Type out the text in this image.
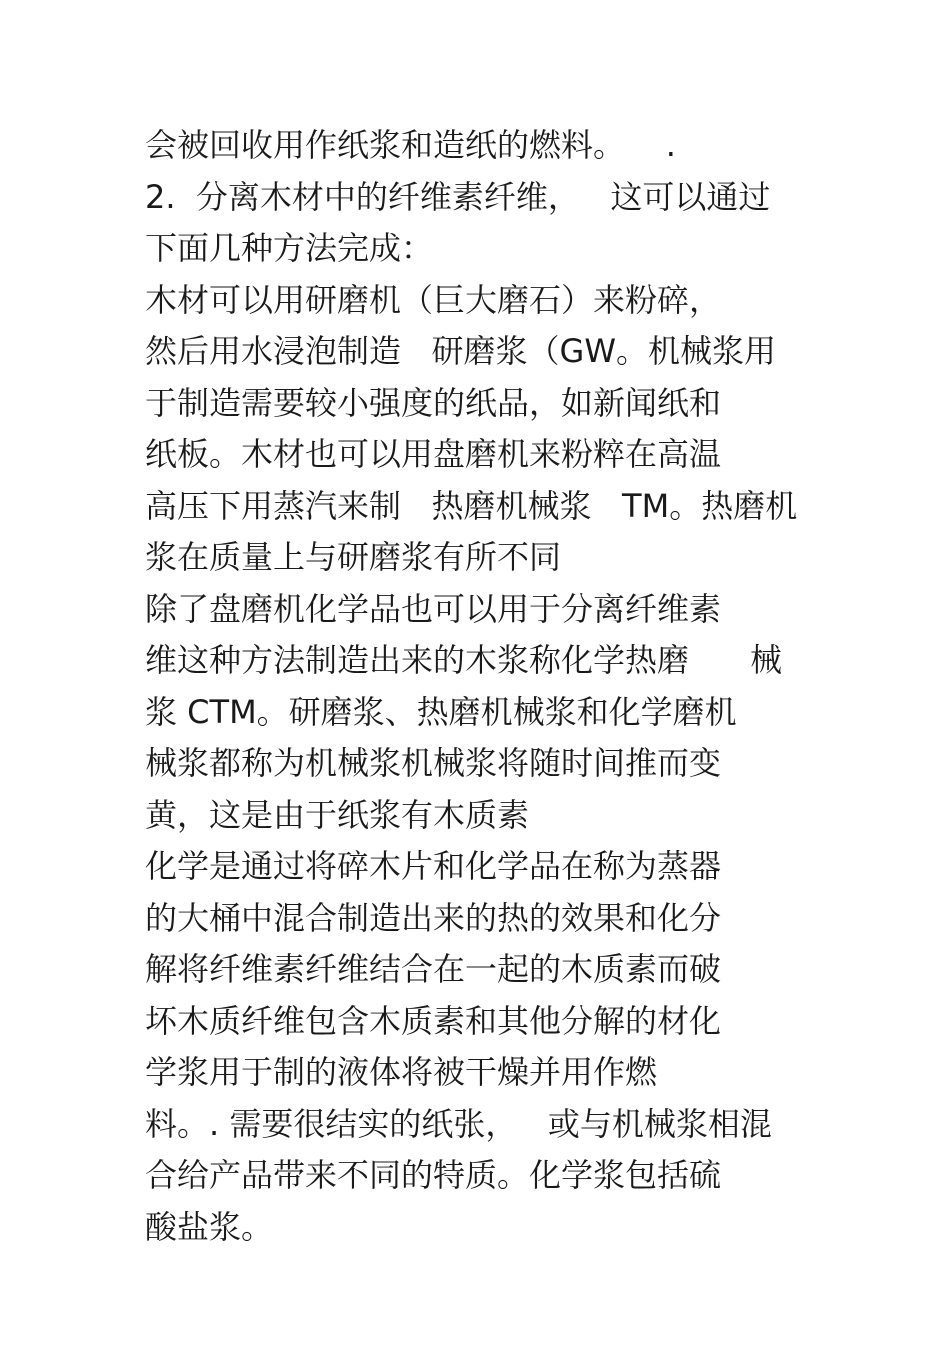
会被回收用作纸浆和造纸的燃料。    .
2.  分离木材中的纤维素纤维，   这可以通过
下面几种方法完成：
木材可以用研磨机（巨大磨石）来粉碎，
然后用水浸泡制造   研磨浆（GW。机械浆用
于制造需要较小强度的纸品，如新闻纸和
纸板。木材也可以用盘磨机来粉粹在高温
高压下用蒸汽来制   热磨机械浆   TM。热磨机
浆在质量上与研磨浆有所不同
除了盘磨机化学品也可以用于分离纤维素
维这种方法制造出来的木浆称化学热磨      械
浆 CTM。研磨浆、热磨机械浆和化学磨机
械浆都称为机械浆机械浆将随时间推而变
黄，这是由于纸浆有木质素
化学是通过将碎木片和化学品在称为蒸器
的大桶中混合制造出来的热的效果和化分
解将纤维素纤维结合在一起的木质素而破
坏木质纤维包含木质素和其他分解的材化
学浆用于制的液体将被干燥并用作燃
料。. 需要很结实的纸张，   或与机械浆相混
合给产品带来不同的特质。化学浆包括硫
酸盐浆。
